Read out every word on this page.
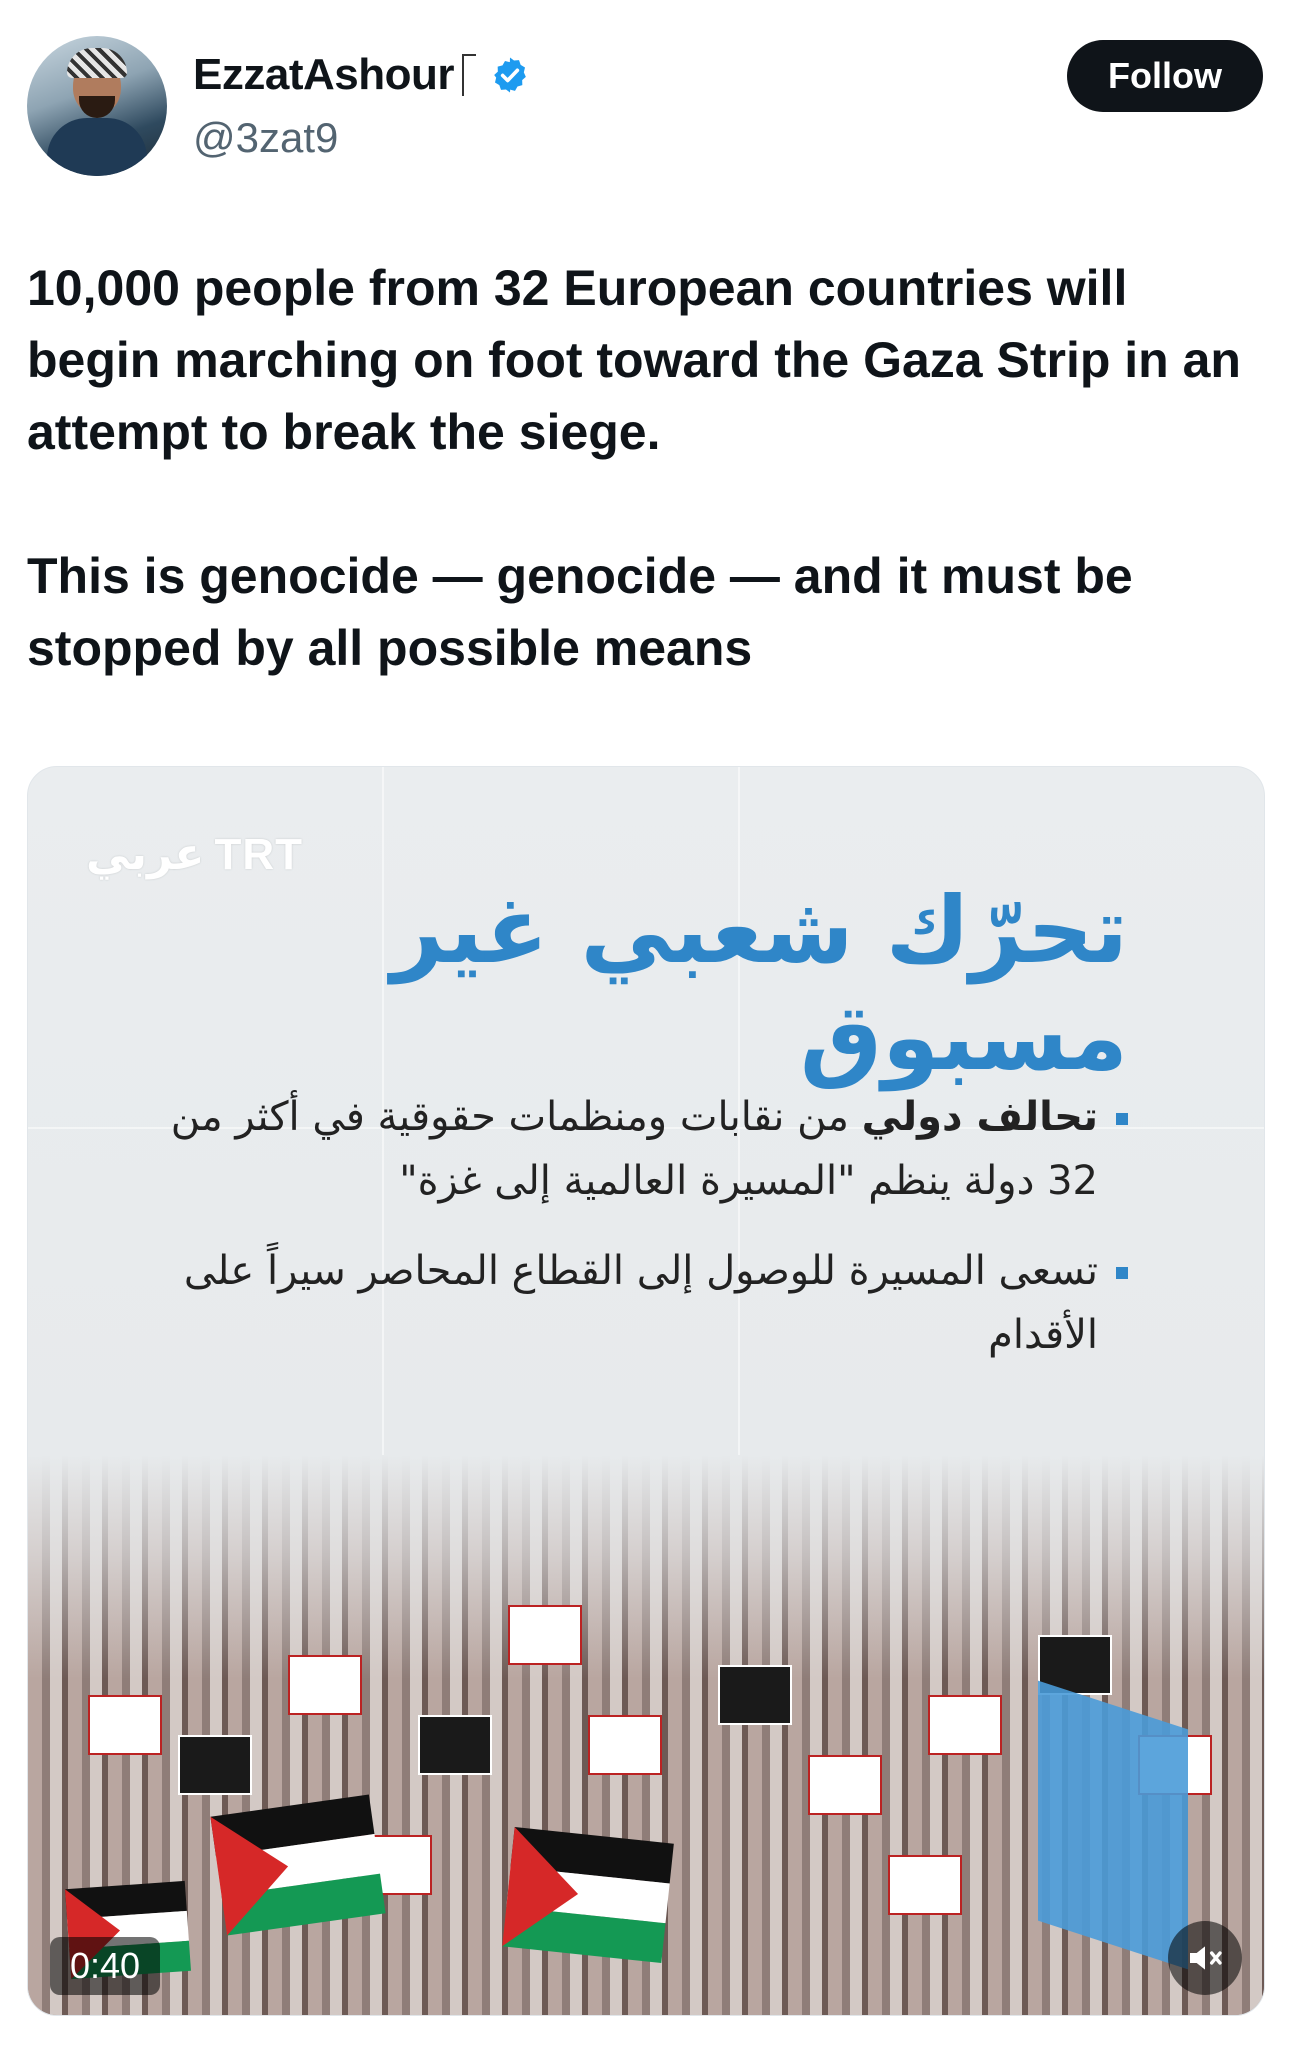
EzzatAshour
@3zat9
Follow

10,000 people from 32 European countries will begin marching on foot toward the Gaza Strip in an attempt to break the siege.

This is genocide — genocide — and it must be stopped by all possible means

عربي TRT
تحرّك شعبي غير مسبوق
تحالف دولي من نقابات ومنظمات حقوقية في أكثر من 32 دولة ينظم "المسيرة العالمية إلى غزة"
تسعى المسيرة للوصول إلى القطاع المحاصر سيراً على الأقدام
0:40
